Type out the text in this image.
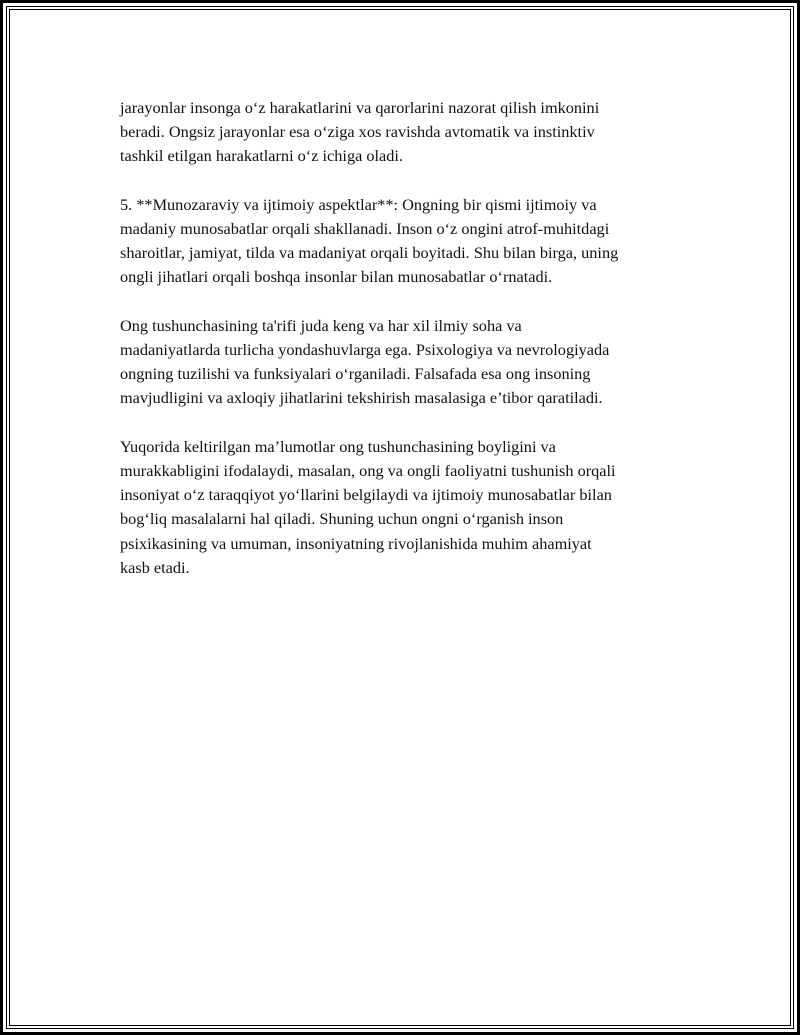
jarayonlar insonga o‘z harakatlarini va qarorlarini nazorat qilish imkonini
beradi. Ongsiz jarayonlar esa o‘ziga xos ravishda avtomatik va instinktiv
tashkil etilgan harakatlarni o‘z ichiga oladi.

5. **Munozaraviy va ijtimoiy aspektlar**: Ongning bir qismi ijtimoiy va
madaniy munosabatlar orqali shakllanadi. Inson o‘z ongini atrof-muhitdagi
sharoitlar, jamiyat, tilda va madaniyat orqali boyitadi. Shu bilan birga, uning
ongli jihatlari orqali boshqa insonlar bilan munosabatlar o‘rnatadi.

Ong tushunchasining ta'rifi juda keng va har xil ilmiy soha va
madaniyatlarda turlicha yondashuvlarga ega. Psixologiya va nevrologiyada
ongning tuzilishi va funksiyalari o‘rganiladi. Falsafada esa ong insoning
mavjudligini va axloqiy jihatlarini tekshirish masalasiga e’tibor qaratiladi.

Yuqorida keltirilgan ma’lumotlar ong tushunchasining boyligini va
murakkabligini ifodalaydi, masalan, ong va ongli faoliyatni tushunish orqali
insoniyat o‘z taraqqiyot yo‘llarini belgilaydi va ijtimoiy munosabatlar bilan
bog‘liq masalalarni hal qiladi. Shuning uchun ongni o‘rganish inson
psixikasining va umuman, insoniyatning rivojlanishida muhim ahamiyat
kasb etadi.
